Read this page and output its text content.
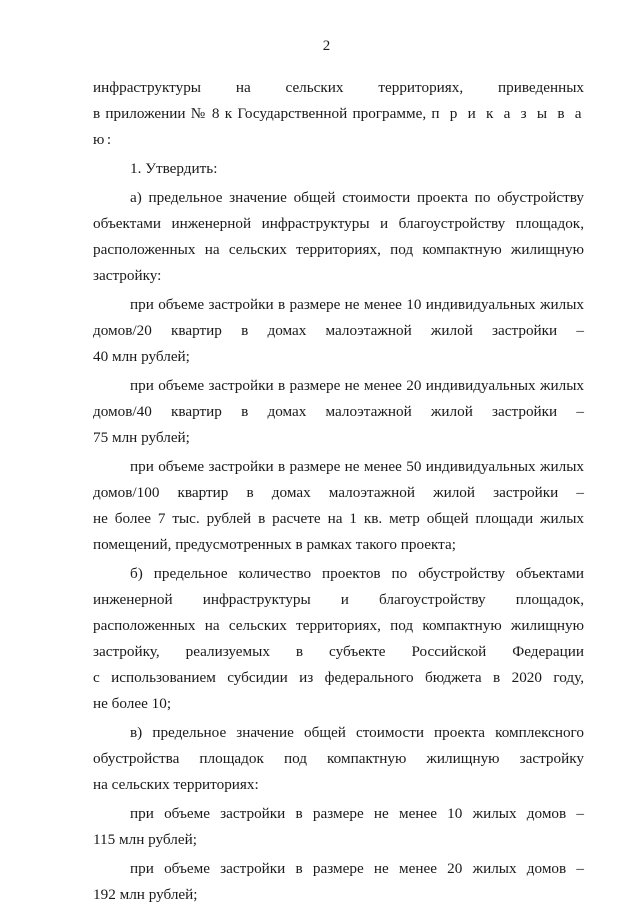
2
инфраструктуры на сельских территориях, приведенных
в приложении № 8 к Государственной программе, п р и к а з ы в а ю:
1. Утвердить:
а) предельное значение общей стоимости проекта по обустройству
объектами инженерной инфраструктуры и благоустройству площадок,
расположенных на сельских территориях, под компактную жилищную
застройку:
при объеме застройки в размере не менее 10 индивидуальных жилых
домов/20 квартир в домах малоэтажной жилой застройки –
40 млн рублей;
при объеме застройки в размере не менее 20 индивидуальных жилых
домов/40 квартир в домах малоэтажной жилой застройки –
75 млн рублей;
при объеме застройки в размере не менее 50 индивидуальных жилых
домов/100 квартир в домах малоэтажной жилой застройки –
не более 7 тыс. рублей в расчете на 1 кв. метр общей площади жилых
помещений, предусмотренных в рамках такого проекта;
б) предельное количество проектов по обустройству объектами
инженерной инфраструктуры и благоустройству площадок,
расположенных на сельских территориях, под компактную жилищную
застройку, реализуемых в субъекте Российской Федерации
с использованием субсидии из федерального бюджета в 2020 году,
не более 10;
в) предельное значение общей стоимости проекта комплексного
обустройства площадок под компактную жилищную застройку
на сельских территориях:
при объеме застройки в размере не менее 10 жилых домов –
115 млн рублей;
при объеме застройки в размере не менее 20 жилых домов –
192 млн рублей;
